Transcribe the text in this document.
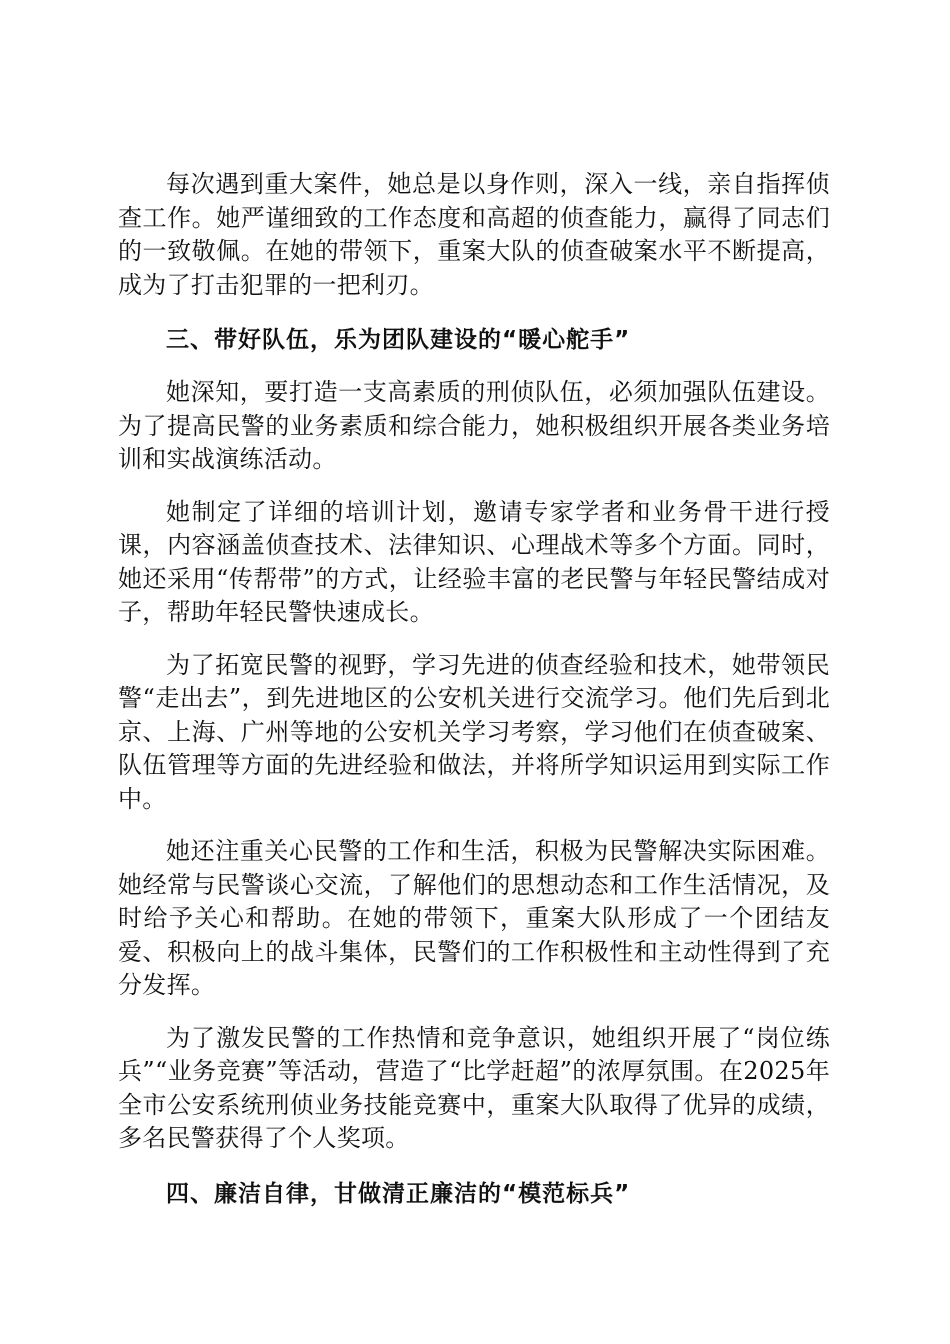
每次遇到重大案件，她总是以身作则，深入一线，亲自指挥侦查工作。她严谨细致的工作态度和高超的侦查能力，赢得了同志们的一致敬佩。在她的带领下，重案大队的侦查破案水平不断提高，成为了打击犯罪的一把利刃。

三、带好队伍，乐为团队建设的“暖心舵手”

她深知，要打造一支高素质的刑侦队伍，必须加强队伍建设。为了提高民警的业务素质和综合能力，她积极组织开展各类业务培训和实战演练活动。

她制定了详细的培训计划，邀请专家学者和业务骨干进行授课，内容涵盖侦查技术、法律知识、心理战术等多个方面。同时，她还采用“传帮带”的方式，让经验丰富的老民警与年轻民警结成对子，帮助年轻民警快速成长。

为了拓宽民警的视野，学习先进的侦查经验和技术，她带领民警“走出去”，到先进地区的公安机关进行交流学习。他们先后到北京、上海、广州等地的公安机关学习考察，学习他们在侦查破案、队伍管理等方面的先进经验和做法，并将所学知识运用到实际工作中。

她还注重关心民警的工作和生活，积极为民警解决实际困难。她经常与民警谈心交流，了解他们的思想动态和工作生活情况，及时给予关心和帮助。在她的带领下，重案大队形成了一个团结友爱、积极向上的战斗集体，民警们的工作积极性和主动性得到了充分发挥。

为了激发民警的工作热情和竞争意识，她组织开展了“岗位练兵”“业务竞赛”等活动，营造了“比学赶超”的浓厚氛围。在2025年全市公安系统刑侦业务技能竞赛中，重案大队取得了优异的成绩，多名民警获得了个人奖项。

四、廉洁自律，甘做清正廉洁的“模范标兵”
